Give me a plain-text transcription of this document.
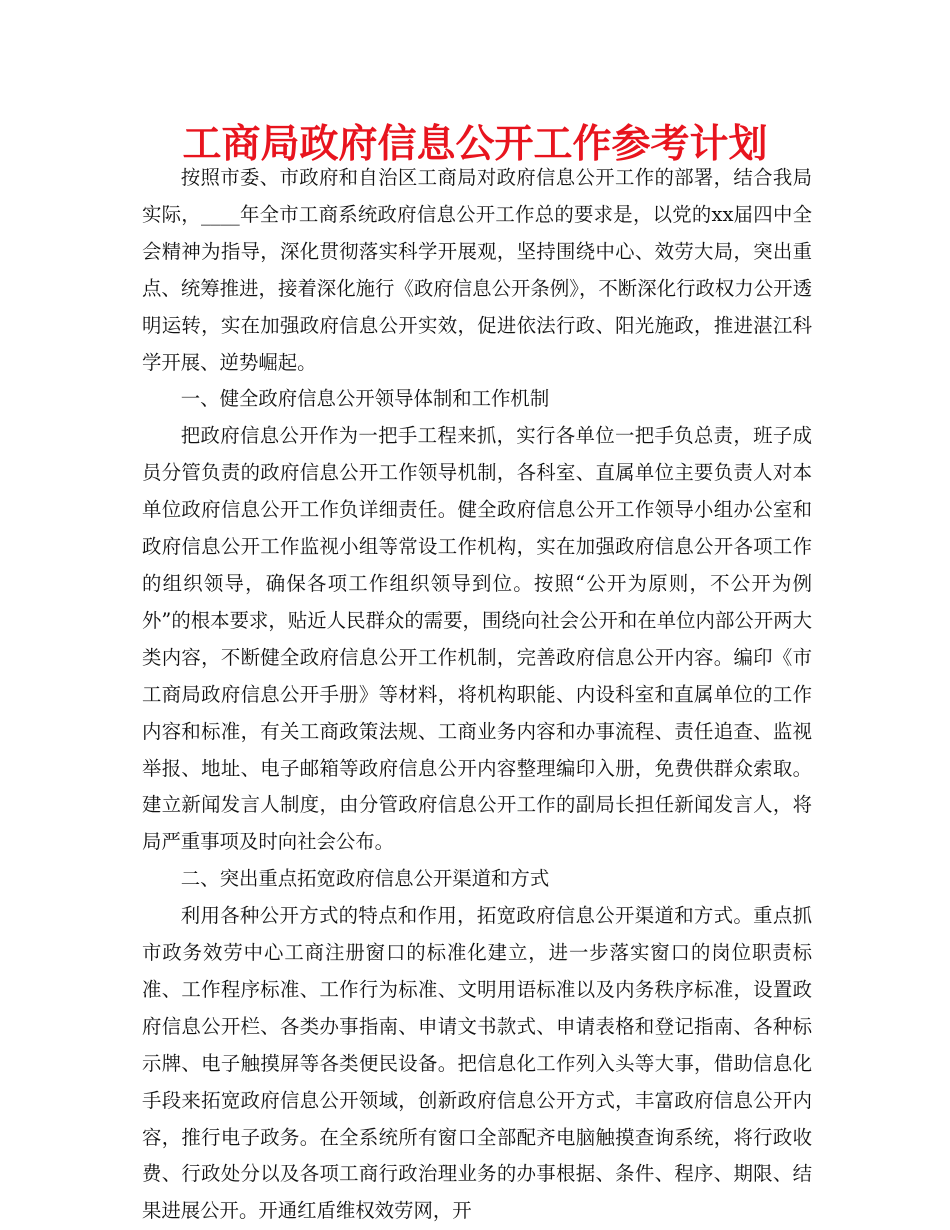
工商局政府信息公开工作参考计划

按照市委、市政府和自治区工商局对政府信息公开工作的部署，结合我局实际，____年全市工商系统政府信息公开工作总的要求是，以党的xx届四中全会精神为指导，深化贯彻落实科学开展观，坚持围绕中心、效劳大局，突出重点、统筹推进，接着深化施行《政府信息公开条例》，不断深化行政权力公开透明运转，实在加强政府信息公开实效，促进依法行政、阳光施政，推进湛江科学开展、逆势崛起。

一、健全政府信息公开领导体制和工作机制

把政府信息公开作为一把手工程来抓，实行各单位一把手负总责，班子成员分管负责的政府信息公开工作领导机制，各科室、直属单位主要负责人对本单位政府信息公开工作负详细责任。健全政府信息公开工作领导小组办公室和政府信息公开工作监视小组等常设工作机构，实在加强政府信息公开各项工作的组织领导，确保各项工作组织领导到位。按照“公开为原则，不公开为例外”的根本要求，贴近人民群众的需要，围绕向社会公开和在单位内部公开两大类内容，不断健全政府信息公开工作机制，完善政府信息公开内容。编印《市工商局政府信息公开手册》等材料，将机构职能、内设科室和直属单位的工作内容和标准，有关工商政策法规、工商业务内容和办事流程、责任追查、监视举报、地址、电子邮箱等政府信息公开内容整理编印入册，免费供群众索取。建立新闻发言人制度，由分管政府信息公开工作的副局长担任新闻发言人，将局严重事项及时向社会公布。

二、突出重点拓宽政府信息公开渠道和方式

利用各种公开方式的特点和作用，拓宽政府信息公开渠道和方式。重点抓市政务效劳中心工商注册窗口的标准化建立，进一步落实窗口的岗位职责标准、工作程序标准、工作行为标准、文明用语标准以及内务秩序标准，设置政府信息公开栏、各类办事指南、申请文书款式、申请表格和登记指南、各种标示牌、电子触摸屏等各类便民设备。把信息化工作列入头等大事，借助信息化手段来拓宽政府信息公开领域，创新政府信息公开方式，丰富政府信息公开内容，推行电子政务。在全系统所有窗口全部配齐电脑触摸查询系统，将行政收费、行政处分以及各项工商行政治理业务的办事根据、条件、程序、期限、结果进展公开。开通红盾维权效劳网，开
